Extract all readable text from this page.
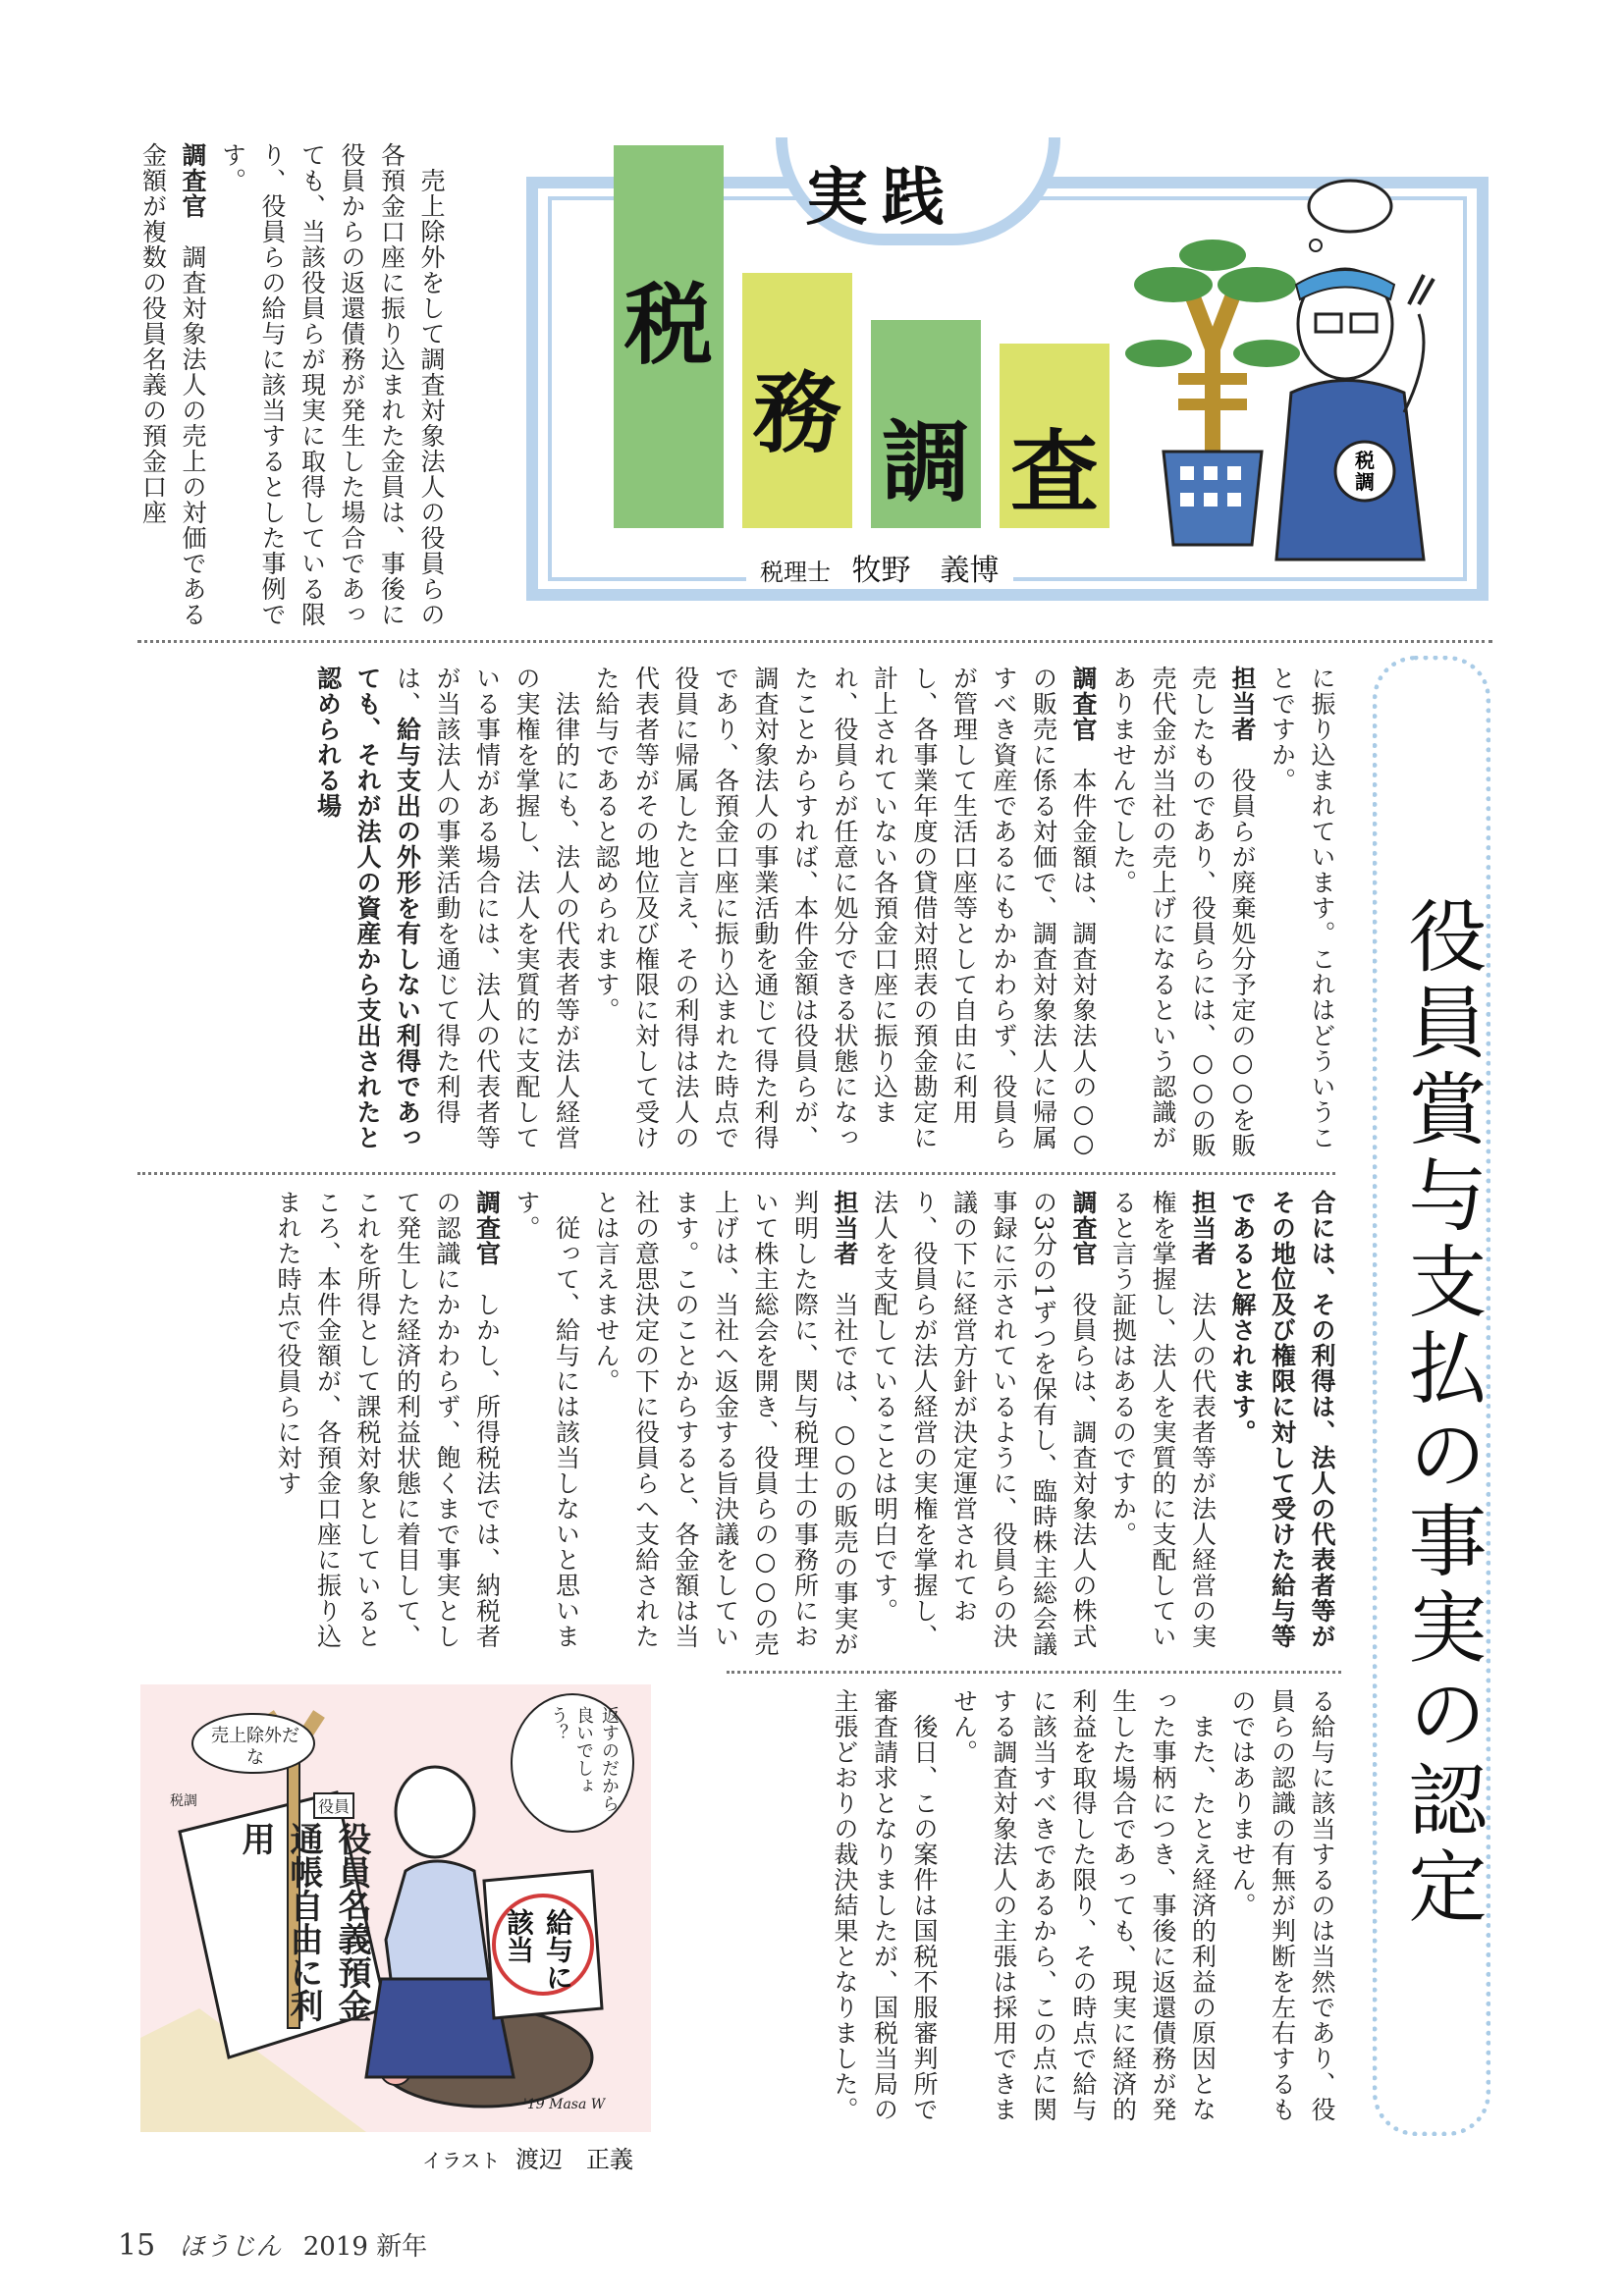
実践
税
務 調 査
税理士 牧野　義博
税
調

　売上除外をして調査対象法人の役員らの各預金口座に振り込まれた金員は、事後に役員からの返還債務が発生した場合であっても、当該役員らが現実に取得している限り、役員らの給与に該当するとした事例です。

調査官　調査対象法人の売上の対価である金額が複数の役員名義の預金口座

役員賞与支払の事実の認定

に振り込まれています。これはどういうことですか。

担当者　役員らが廃棄処分予定の○○を販売したものであり、役員らには、○○の販売代金が当社の売上げになるという認識がありませんでした。

調査官　本件金額は、調査対象法人の○○の販売に係る対価で、調査対象法人に帰属すべき資産であるにもかかわらず、役員らが管理して生活口座等として自由に利用し、各事業年度の貸借対照表の預金勘定に計上されていない各預金口座に振り込まれ、役員らが任意に処分できる状態になったことからすれば、本件金額は役員らが、調査対象法人の事業活動を通じて得た利得であり、各預金口座に振り込まれた時点で役員に帰属したと言え、その利得は法人の代表者等がその地位及び権限に対して受けた給与であると認められます。

　法律的にも、法人の代表者等が法人経営の実権を掌握し、法人を実質的に支配している事情がある場合には、法人の代表者等が当該法人の事業活動を通じて得た利得は、給与支出の外形を有しない利得であっても、それが法人の資産から支出されたと認められる場

合には、その利得は、法人の代表者等がその地位及び権限に対して受けた給与等であると解されます。

担当者　法人の代表者等が法人経営の実権を掌握し、法人を実質的に支配していると言う証拠はあるのですか。

調査官　役員らは、調査対象法人の株式の3分の1ずつを保有し、臨時株主総会議事録に示されているように、役員らの決議の下に経営方針が決定運営されており、役員らが法人経営の実権を掌握し、法人を支配していることは明白です。

担当者　当社では、○○の販売の事実が判明した際に、関与税理士の事務所において株主総会を開き、役員らの○○の売上げは、当社へ返金する旨決議をしています。このことからすると、各金額は当社の意思決定の下に役員らへ支給されたとは言えません。

　従って、給与には該当しないと思います。

調査官　しかし、所得税法では、納税者の認識にかかわらず、飽くまで事実として発生した経済的利益状態に着目して、これを所得として課税対象としているところ、本件金額が、各預金口座に振り込まれた時点で役員らに対す

る給与に該当するのは当然であり、役員らの認識の有無が判断を左右するものではありません。

　また、たとえ経済的利益の原因となった事柄につき、事後に返還債務が発生した場合であっても、現実に経済的利益を取得した限り、その時点で給与に該当すべきであるから、この点に関する調査対象法人の主張は採用できません。

　後日、この案件は国税不服審判所で審査請求となりましたが、国税当局の主張どおりの裁決結果となりました。

売上除外だな	返すのだから良いでしょう？
役員名義預金通帳自由に利用
給与に該当
役員
税調
'19 Masa W
イラスト 渡辺　正義
15 ほうじん 2019 新年
